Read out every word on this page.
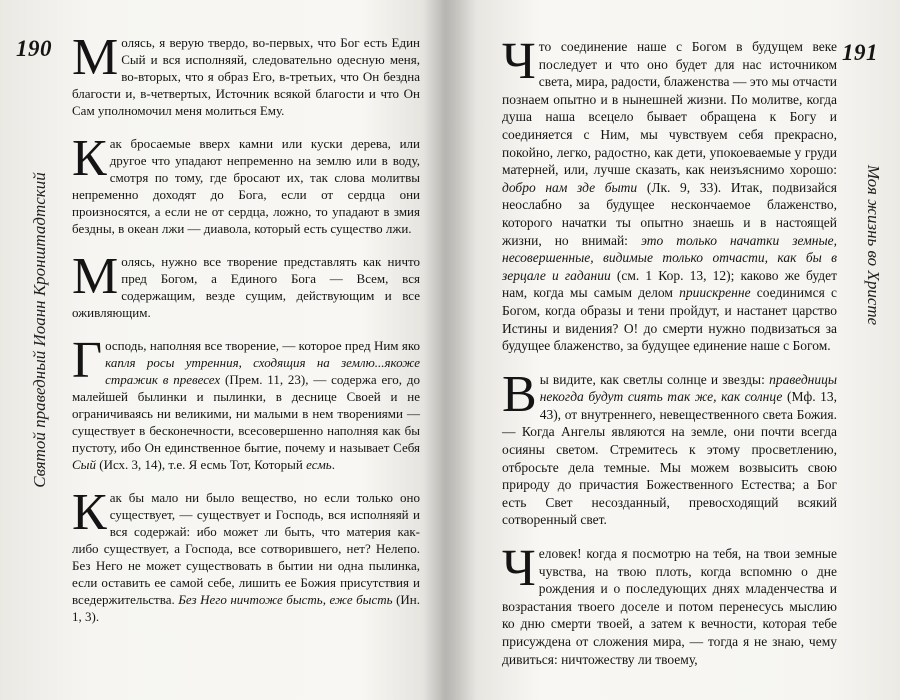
190
Святой праведный Иоанн Кронштадтский

Молясь, я верую твердо, во-первых, что Бог есть Един Сый и вся исполняяй, следовательно одесную меня, во-вторых, что я образ Его, в-третьих, что Он бездна благости и, в-четвертых, Источник всякой благости и что Он Сам уполномочил меня молиться Ему.

Как бросаемые вверх камни или куски дерева, или другое что упадают непременно на землю или в воду, смотря по тому, где бросают их, так слова молитвы непременно доходят до Бога, если от сердца они произносятся, а если не от сердца, ложно, то упадают в змия бездны, в океан лжи — диавола, который есть существо лжи.

Молясь, нужно все творение представлять как ничто пред Богом, а Единого Бога — Всем, вся содержащим, везде сущим, действующим и все оживляющим.

Господь, наполняя все творение, — которое пред Ним яко капля росы утренния, сходящия на землю...якоже стражик в превесех (Прем. 11, 23), — содержа его, до малейшей былинки и пылинки, в деснице Своей и не ограничиваясь ни великими, ни малыми в нем творениями — существует в бесконечности, всесовершенно наполняя как бы пустоту, ибо Он единственное бытие, почему и называет Себя Сый (Исх. 3, 14), т.е. Я есмь Тот, Который есмь.

Как бы мало ни было вещество, но если только оно существует, — существует и Господь, вся исполняяй и вся содержай: ибо может ли быть, что материя как-либо существует, а Господа, все сотворившего, нет? Нелепо. Без Него не может существовать в бытии ни одна пылинка, если оставить ее самой себе, лишить ее Божия присутствия и вседержительства. Без Него ничтоже бысть, еже бысть (Ин. 1, 3).

191
Моя жизнь во Христе

Что соединение наше с Богом в будущем веке последует и что оно будет для нас источником света, мира, радости, блаженства — это мы отчасти познаем опытно и в нынешней жизни. По молитве, когда душа наша всецело бывает обращена к Богу и соединяется с Ним, мы чувствуем себя прекрасно, покойно, легко, радостно, как дети, упокоеваемые у груди матерней, или, лучше сказать, как неизъяснимо хорошо: добро нам зде быти (Лк. 9, 33). Итак, подвизайся неослабно за будущее нескончаемое блаженство, которого начатки ты опытно знаешь и в настоящей жизни, но внимай: это только начатки земные, несовершенные, видимые только отчасти, как бы в зерцале и гадании (см. 1 Кор. 13, 12); каково же будет нам, когда мы самым делом приискренне соединимся с Богом, когда образы и тени пройдут, и настанет царство Истины и видения? О! до смерти нужно подвизаться за будущее блаженство, за будущее единение наше с Богом.

Вы видите, как светлы солнце и звезды: праведницы некогда будут сиять так же, как солнце (Мф. 13, 43), от внутреннего, невещественного света Божия. — Когда Ангелы являются на земле, они почти всегда осияны светом. Стремитесь к этому просветлению, отбросьте дела темные. Мы можем возвысить свою природу до причастия Божественного Естества; а Бог есть Свет несозданный, превосходящий всякий сотворенный свет.

Человек! когда я посмотрю на тебя, на твои земные чувства, на твою плоть, когда вспомню о дне рождения и о последующих днях младенчества и возрастания твоего доселе и потом перенесусь мыслию ко дню смерти твоей, а затем к вечности, которая тебе присуждена от сложения мира, — тогда я не знаю, чему дивиться: ничтожеству ли твоему,
